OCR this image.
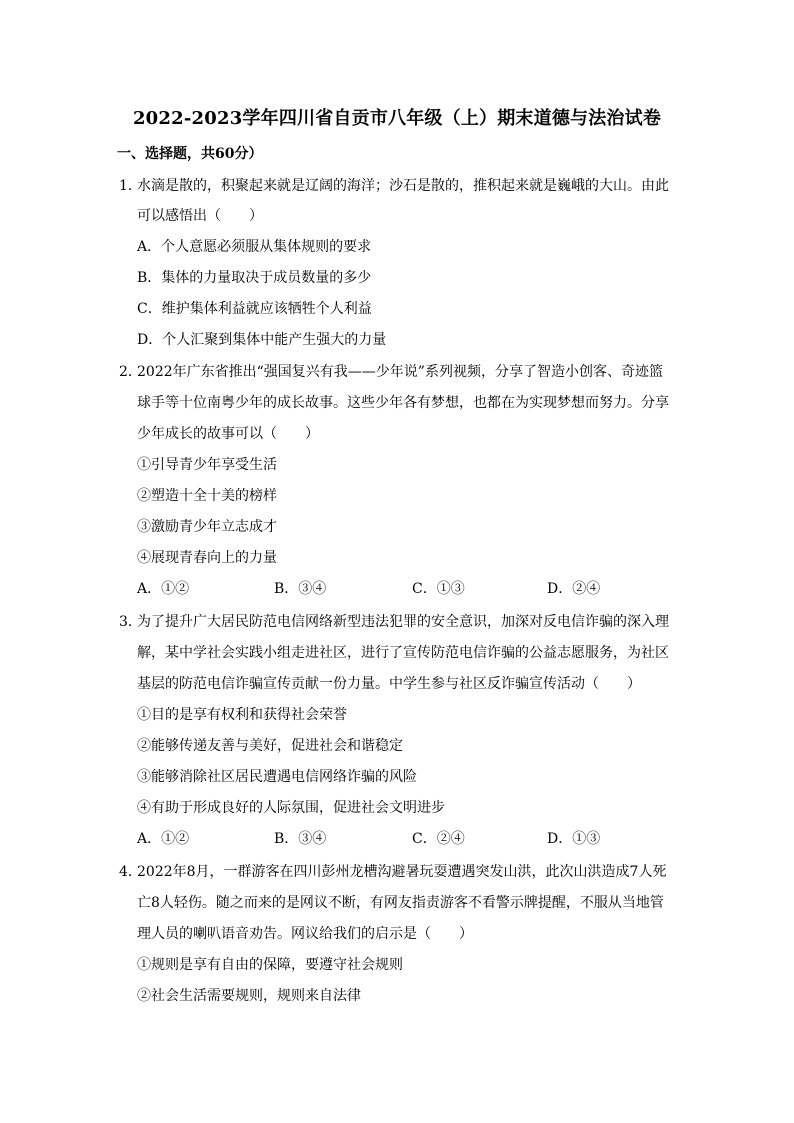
2022-2023学年四川省自贡市八年级（上）期末道德与法治试卷
一、选择题，共60分）
1．水滴是散的，积聚起来就是辽阔的海洋；沙石是散的，推积起来就是巍峨的大山。由此
可以感悟出（　　）
A．个人意愿必须服从集体规则的要求
B．集体的力量取决于成员数量的多少
C．维护集体利益就应该牺牲个人利益
D．个人汇聚到集体中能产生强大的力量
2．2022年广东省推出“强国复兴有我——少年说”系列视频，分享了智造小创客、奇迹篮
球手等十位南粤少年的成长故事。这些少年各有梦想，也都在为实现梦想而努力。分享
少年成长的故事可以（　　）
①引导青少年享受生活
②塑造十全十美的榜样
③激励青少年立志成才
④展现青春向上的力量
A．①②	B．③④	C．①③	D．②④
3．为了提升广大居民防范电信网络新型违法犯罪的安全意识，加深对反电信诈骗的深入理
解，某中学社会实践小组走进社区，进行了宣传防范电信诈骗的公益志愿服务，为社区
基层的防范电信诈骗宣传贡献一份力量。中学生参与社区反诈骗宣传活动（　　）
①目的是享有权利和获得社会荣誉
②能够传递友善与美好，促进社会和谐稳定
③能够消除社区居民遭遇电信网络诈骗的风险
④有助于形成良好的人际氛围，促进社会文明进步
A．①②	B．③④	C．②④	D．①③
4．2022年8月，一群游客在四川彭州龙槽沟避暑玩耍遭遇突发山洪，此次山洪造成7人死
亡8人轻伤。随之而来的是网议不断，有网友指责游客不看警示牌提醒，不服从当地管
理人员的喇叭语音劝告。网议给我们的启示是（　　）
①规则是享有自由的保障，要遵守社会规则
②社会生活需要规则，规则来自法律
